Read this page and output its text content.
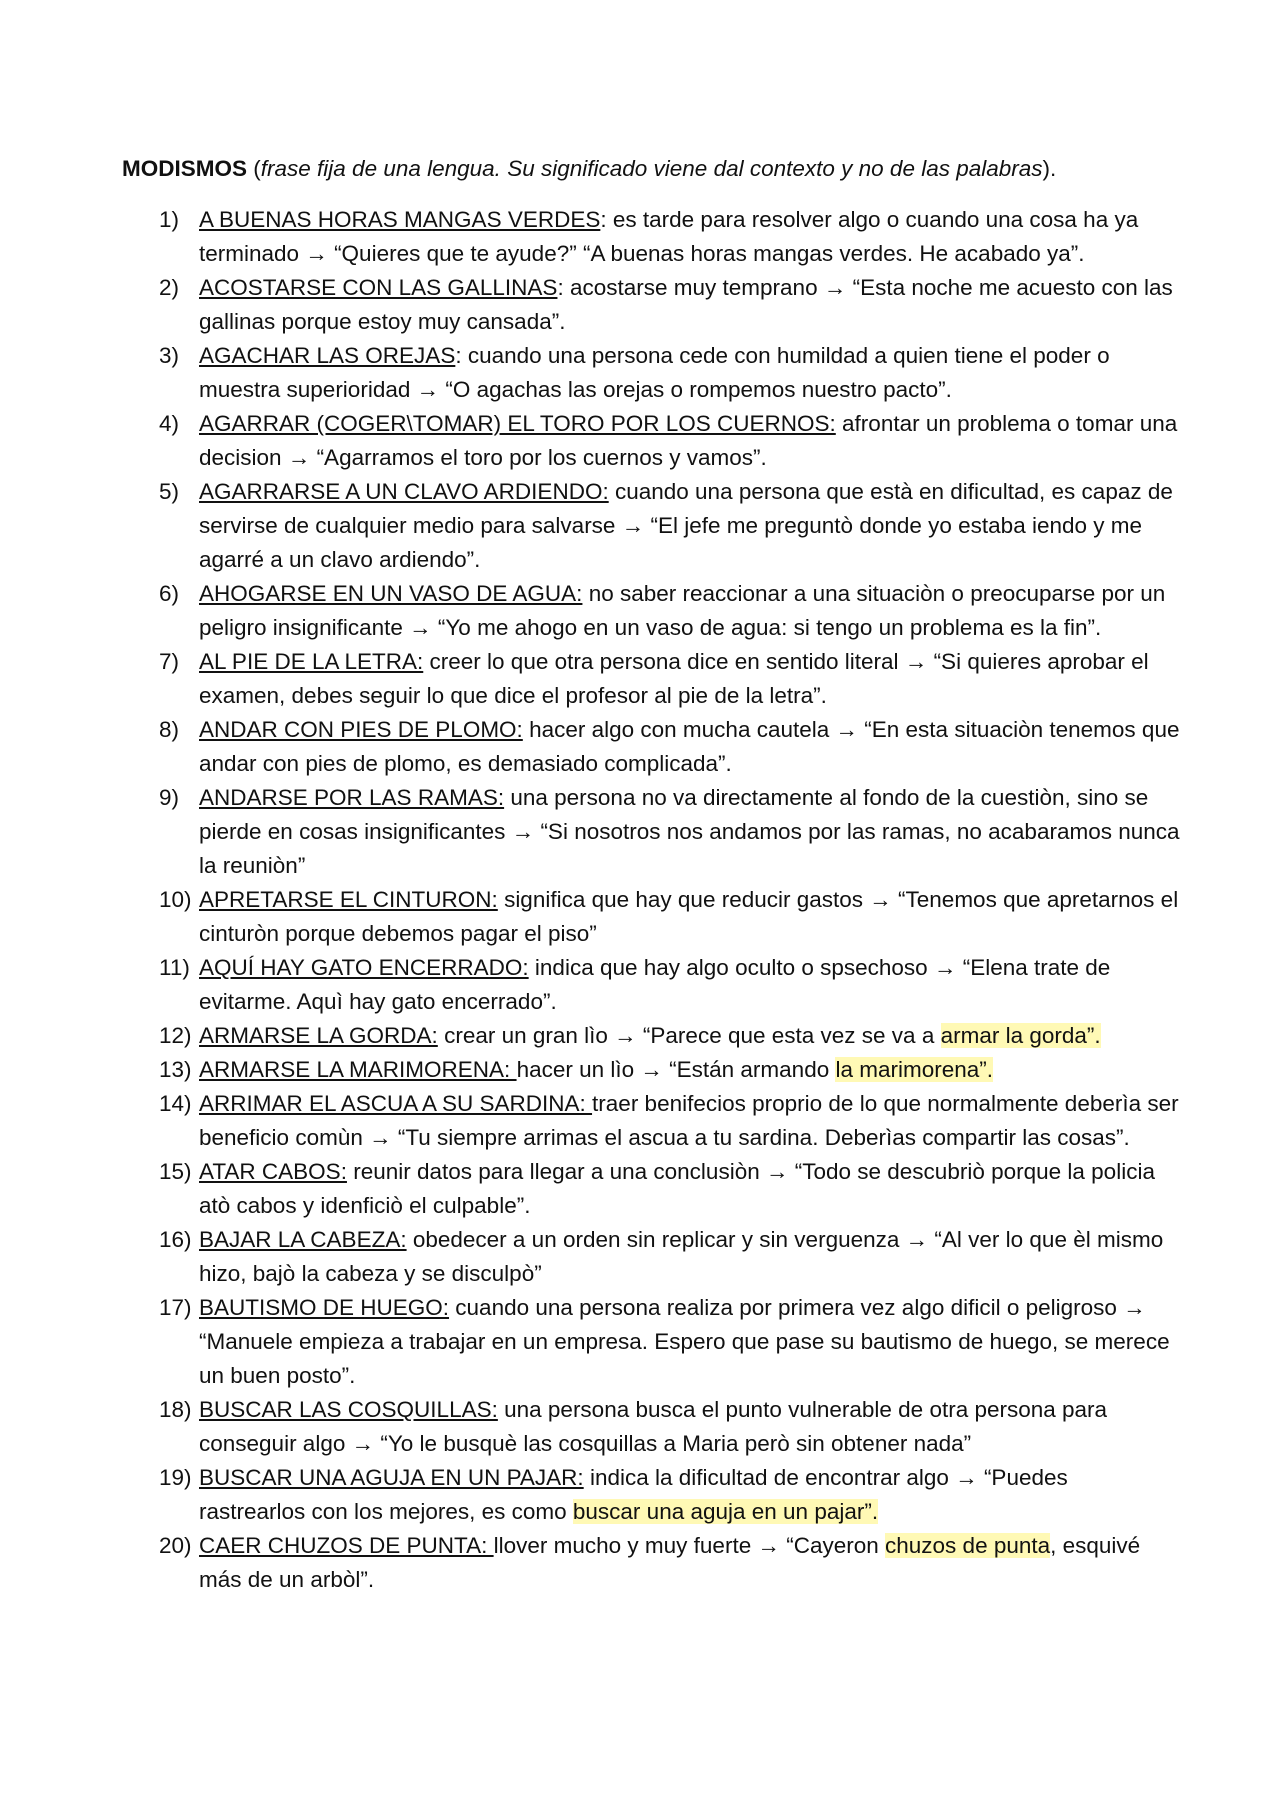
MODISMOS (frase fija de una lengua. Su significado viene dal contexto y no de las palabras).
1) A BUENAS HORAS MANGAS VERDES: es tarde para resolver algo o cuando una cosa ha ya terminado → “Quieres que te ayude?” “A buenas horas mangas verdes. He acabado ya”.
2) ACOSTARSE CON LAS GALLINAS: acostarse muy temprano → “Esta noche me acuesto con las gallinas porque estoy muy cansada”.
3) AGACHAR LAS OREJAS: cuando una persona cede con humildad a quien tiene el poder o muestra superioridad → “O agachas las orejas o rompemos nuestro pacto”.
4) AGARRAR (COGER\TOMAR) EL TORO POR LOS CUERNOS: afrontar un problema o tomar una decision → “Agarramos el toro por los cuernos y vamos”.
5) AGARRARSE A UN CLAVO ARDIENDO: cuando una persona que està en dificultad, es capaz de servirse de cualquier medio para salvarse → “El jefe me preguntò donde yo estaba iendo y me agarré a un clavo ardiendo”.
6) AHOGARSE EN UN VASO DE AGUA: no saber reaccionar a una situaciòn o preocuparse por un peligro insignificante → “Yo me ahogo en un vaso de agua: si tengo un problema es la fin”.
7) AL PIE DE LA LETRA: creer lo que otra persona dice en sentido literal → “Si quieres aprobar el examen, debes seguir lo que dice el profesor al pie de la letra”.
8) ANDAR CON PIES DE PLOMO: hacer algo con mucha cautela → “En esta situaciòn tenemos que andar con pies de plomo, es demasiado complicada”.
9) ANDARSE POR LAS RAMAS: una persona no va directamente al fondo de la cuestiòn, sino se pierde en cosas insignificantes → “Si nosotros nos andamos por las ramas, no acabaramos nunca la reuniòn”
10) APRETARSE EL CINTURON: significa que hay que reducir gastos → “Tenemos que apretarnos el cinturòn porque debemos pagar el piso”
11) AQUÍ HAY GATO ENCERRADO: indica que hay algo oculto o spsechoso → “Elena trate de evitarme. Aquì hay gato encerrado”.
12) ARMARSE LA GORDA: crear un gran lìo → “Parece que esta vez se va a armar la gorda”.
13) ARMARSE LA MARIMORENA: hacer un lìo → “Están armando la marimorena”.
14) ARRIMAR EL ASCUA A SU SARDINA: traer benifecios proprio de lo que normalmente deberìa ser beneficio comùn → “Tu siempre arrimas el ascua a tu sardina. Deberìas compartir las cosas”.
15) ATAR CABOS: reunir datos para llegar a una conclusiòn → “Todo se descubriò porque la policia atò cabos y idenficiò el culpable”.
16) BAJAR LA CABEZA: obedecer a un orden sin replicar y sin verguenza → “Al ver lo que èl mismo hizo, bajò la cabeza y se disculpò”
17) BAUTISMO DE HUEGO: cuando una persona realiza por primera vez algo dificil o peligroso → “Manuele empieza a trabajar en un empresa. Espero que pase su bautismo de huego, se merece un buen posto”.
18) BUSCAR LAS COSQUILLAS: una persona busca el punto vulnerable de otra persona para conseguir algo → “Yo le busquè las cosquillas a Maria però sin obtener nada”
19) BUSCAR UNA AGUJA EN UN PAJAR: indica la dificultad de encontrar algo → “Puedes rastrearlos con los mejores, es como buscar una aguja en un pajar”.
20) CAER CHUZOS DE PUNTA: llover mucho y muy fuerte → “Cayeron chuzos de punta, esquivé más de un arbòl”.
